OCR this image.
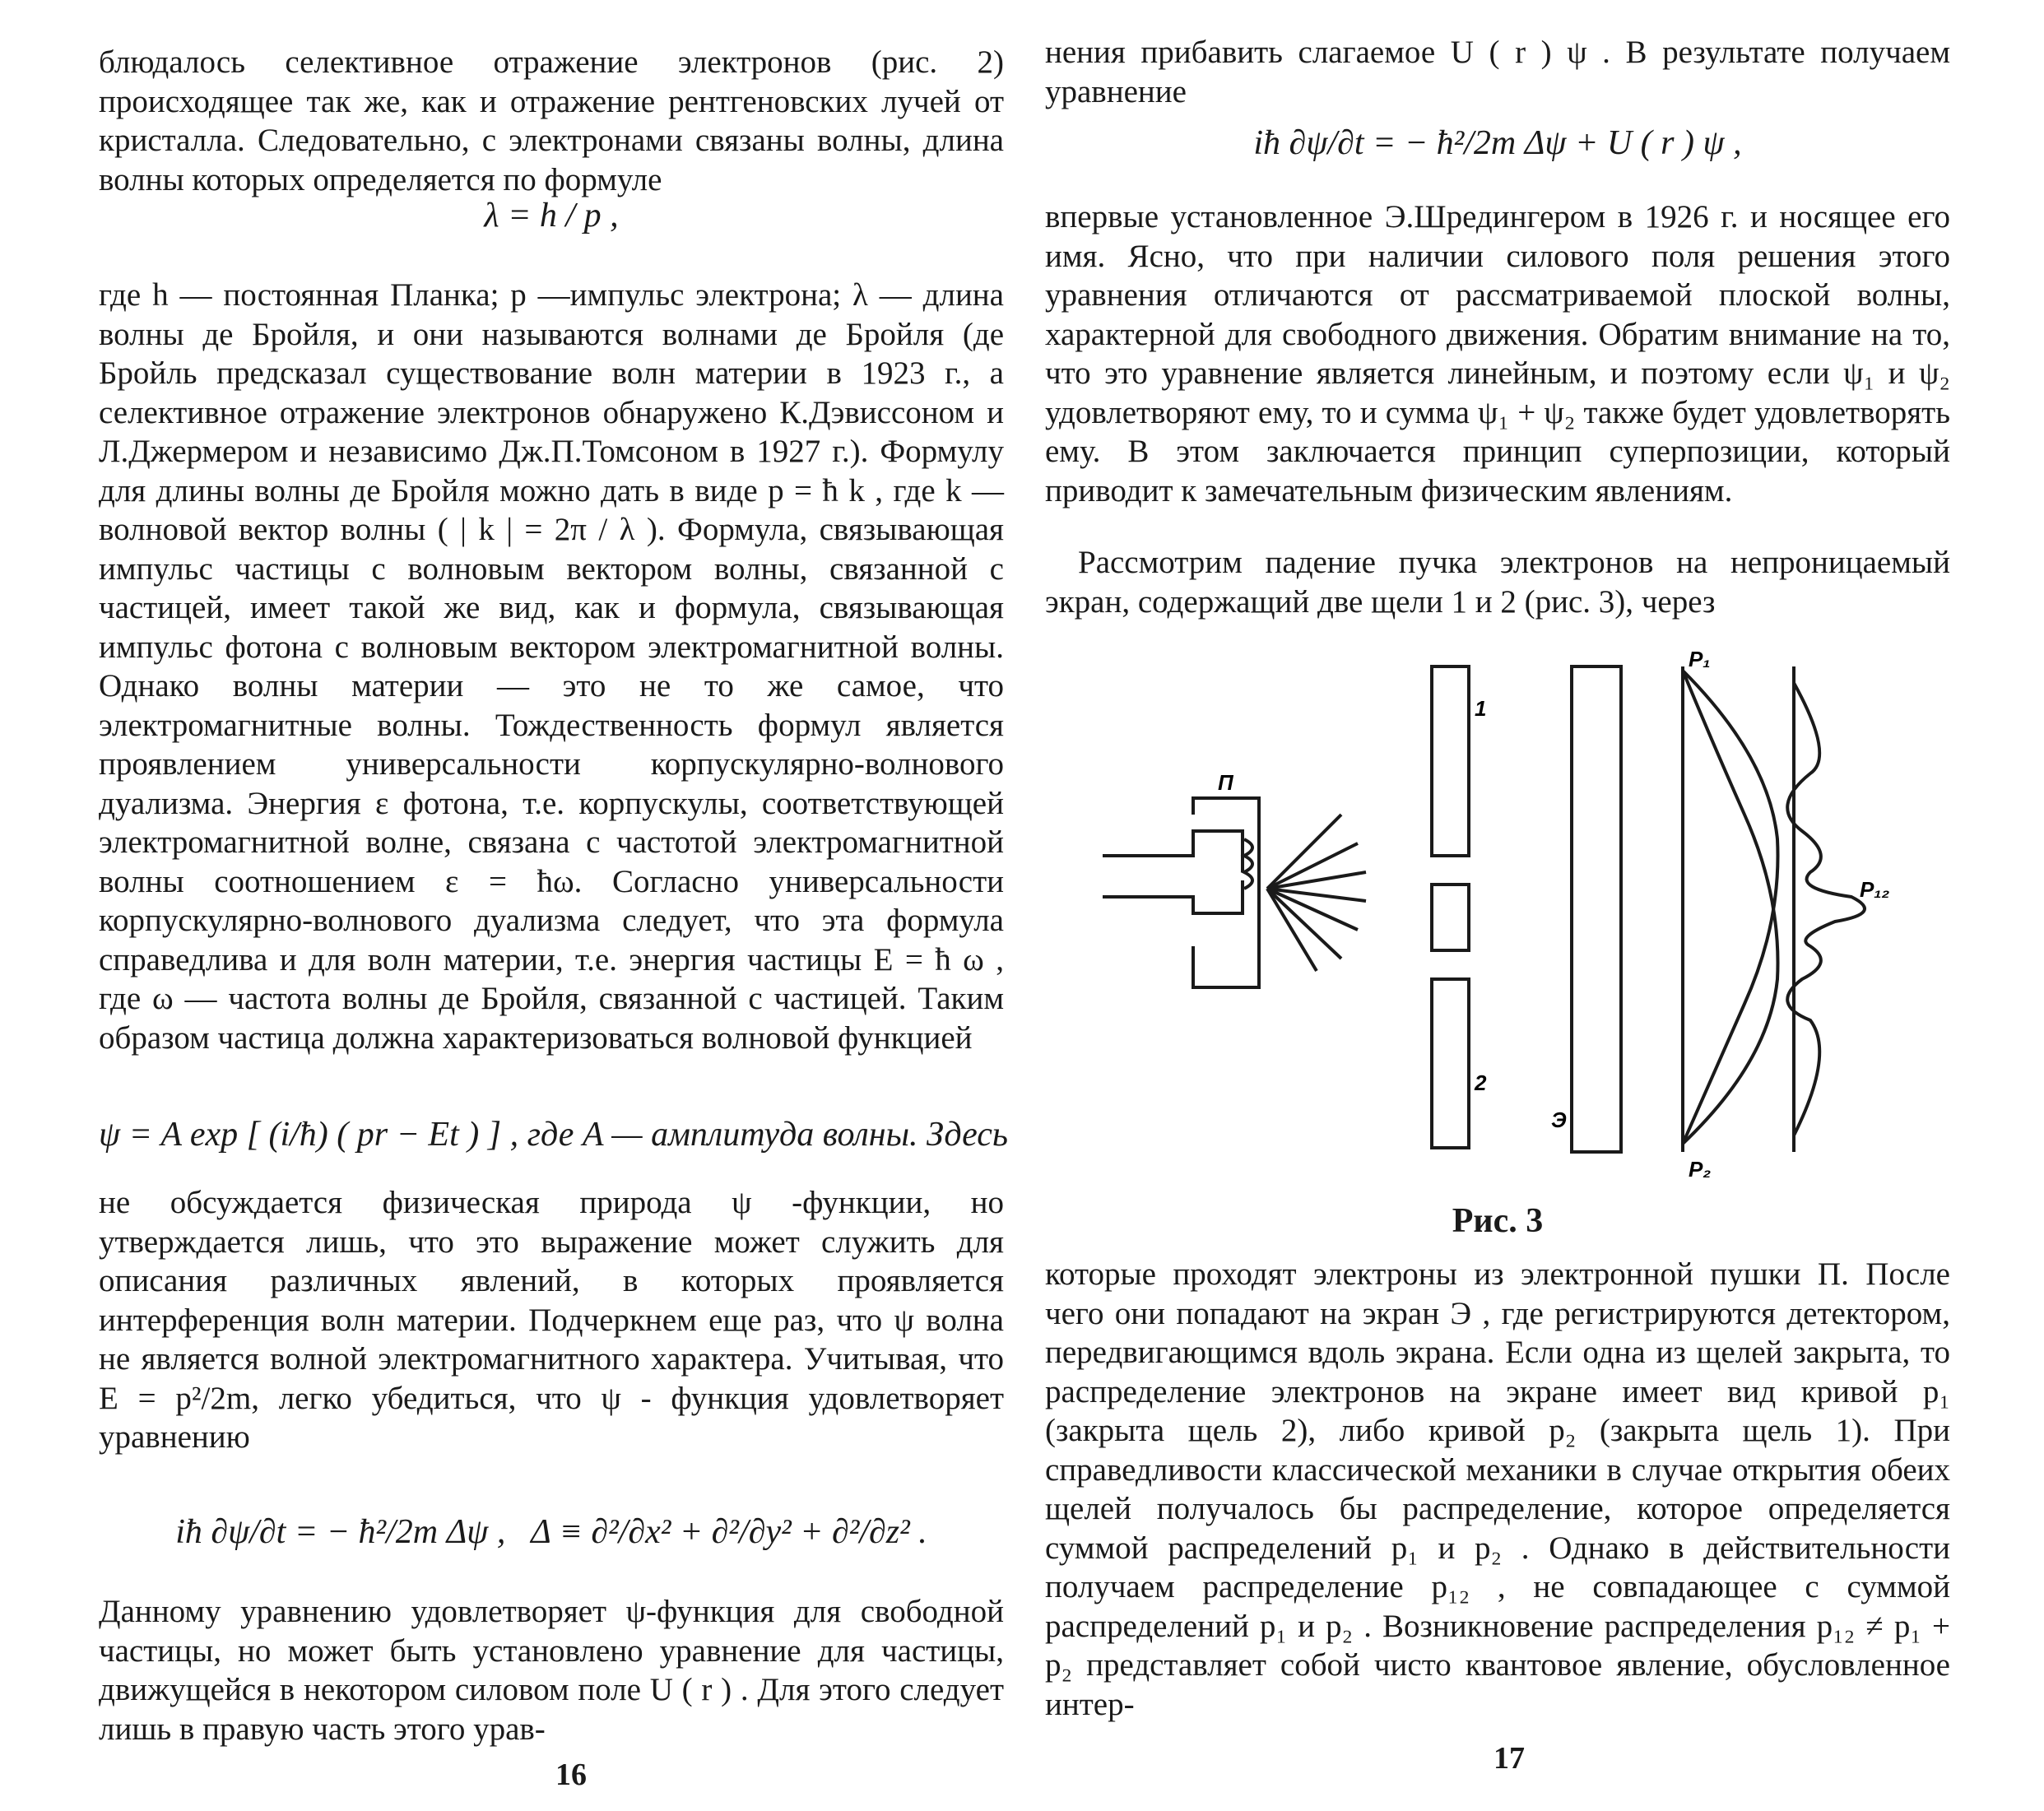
блюдалось селективное отражение электронов (рис. 2) происходящее так же, как и отражение рентгеновских лучей от кристалла. Следовательно, с электронами связаны волны, длина волны которых определяется по формуле

λ = h / p ,

где h — постоянная Планка; p —импульс электрона; λ — длина волны де Бройля, и они называются волнами де Бройля (де Бройль предсказал существование волн материи в 1923 г., а селективное отражение электронов обнаружено К.Дэвиссоном и Л.Джермером и независимо Дж.П.Томсоном в 1927 г.). Формулу для длины волны де Бройля можно дать в виде p = ħ k , где k — волновой вектор волны ( | k | = 2π / λ ). Формула, связывающая импульс частицы с волновым вектором волны, связанной с частицей, имеет такой же вид, как и формула, связывающая импульс фотона с волновым вектором электромагнитной волны. Однако волны материи — это не то же самое, что электромагнитные волны. Тождественность формул является проявлением универсальности корпускулярно-волнового дуализма. Энергия ε фотона, т.е. корпускулы, соответствующей электромагнитной волне, связана с частотой электромагнитной волны соотношением ε = ħω. Согласно универсальности корпускулярно-волнового дуализма следует, что эта формула справедлива и для волн материи, т.е. энергия частицы E = ħ ω , где ω — частота волны де Бройля, связанной с частицей. Таким образом частица должна характеризоваться волновой функцией

ψ = A exp [ (i/ħ) ( pr − Et ) ] , где A — амплитуда волны. Здесь

не обсуждается физическая природа ψ -функции, но утверждается лишь, что это выражение может служить для описания различных явлений, в которых проявляется интерференция волн материи. Подчеркнем еще раз, что ψ волна не является волной электромагнитного характера. Учитывая, что E = p²/2m, легко убедиться, что ψ - функция удовлетворяет уравнению

iħ ∂ψ/∂t = − ħ²/2m Δψ ,   Δ ≡ ∂²/∂x² + ∂²/∂y² + ∂²/∂z² .

Данному уравнению удовлетворяет ψ-функция для свободной частицы, но может быть установлено уравнение для частицы, движущейся в некотором силовом поле U ( r ) . Для этого следует лишь в правую часть этого урав-

16

нения прибавить слагаемое U ( r ) ψ . В результате получаем уравнение

iħ ∂ψ/∂t = − ħ²/2m Δψ + U ( r ) ψ ,

впервые установленное Э.Шредингером в 1926 г. и носящее его имя. Ясно, что при наличии силового поля решения этого уравнения отличаются от рассматриваемой плоской волны, характерной для свободного движения. Обратим внимание на то, что это уравнение является линейным, и поэтому если ψ₁ и ψ₂ удовлетворяют ему, то и сумма ψ₁ + ψ₂ также будет удовлетворять ему. В этом заключается принцип суперпозиции, который приводит к замечательным физическим явлениям.

Рассмотрим падение пучка электронов на непроницаемый экран, содержащий две щели 1 и 2 (рис. 3), через

П
1
2
Э
P₁
P₂
P₁₂
Рис. 3

которые проходят электроны из электронной пушки П. После чего они попадают на экран Э , где регистрируются детектором, передвигающимся вдоль экрана. Если одна из щелей закрыта, то распределение электронов на экране имеет вид кривой p₁ (закрыта щель 2), либо кривой p₂ (закрыта щель 1). При справедливости классической механики в случае открытия обеих щелей получалось бы распределение, которое определяется суммой распределений p₁ и p₂ . Однако в действительности получаем распределение p₁₂ , не совпадающее с суммой распределений p₁ и p₂ . Возникновение распределения p₁₂ ≠ p₁ + p₂ представляет собой чисто квантовое явление, обусловленное интер-

17
